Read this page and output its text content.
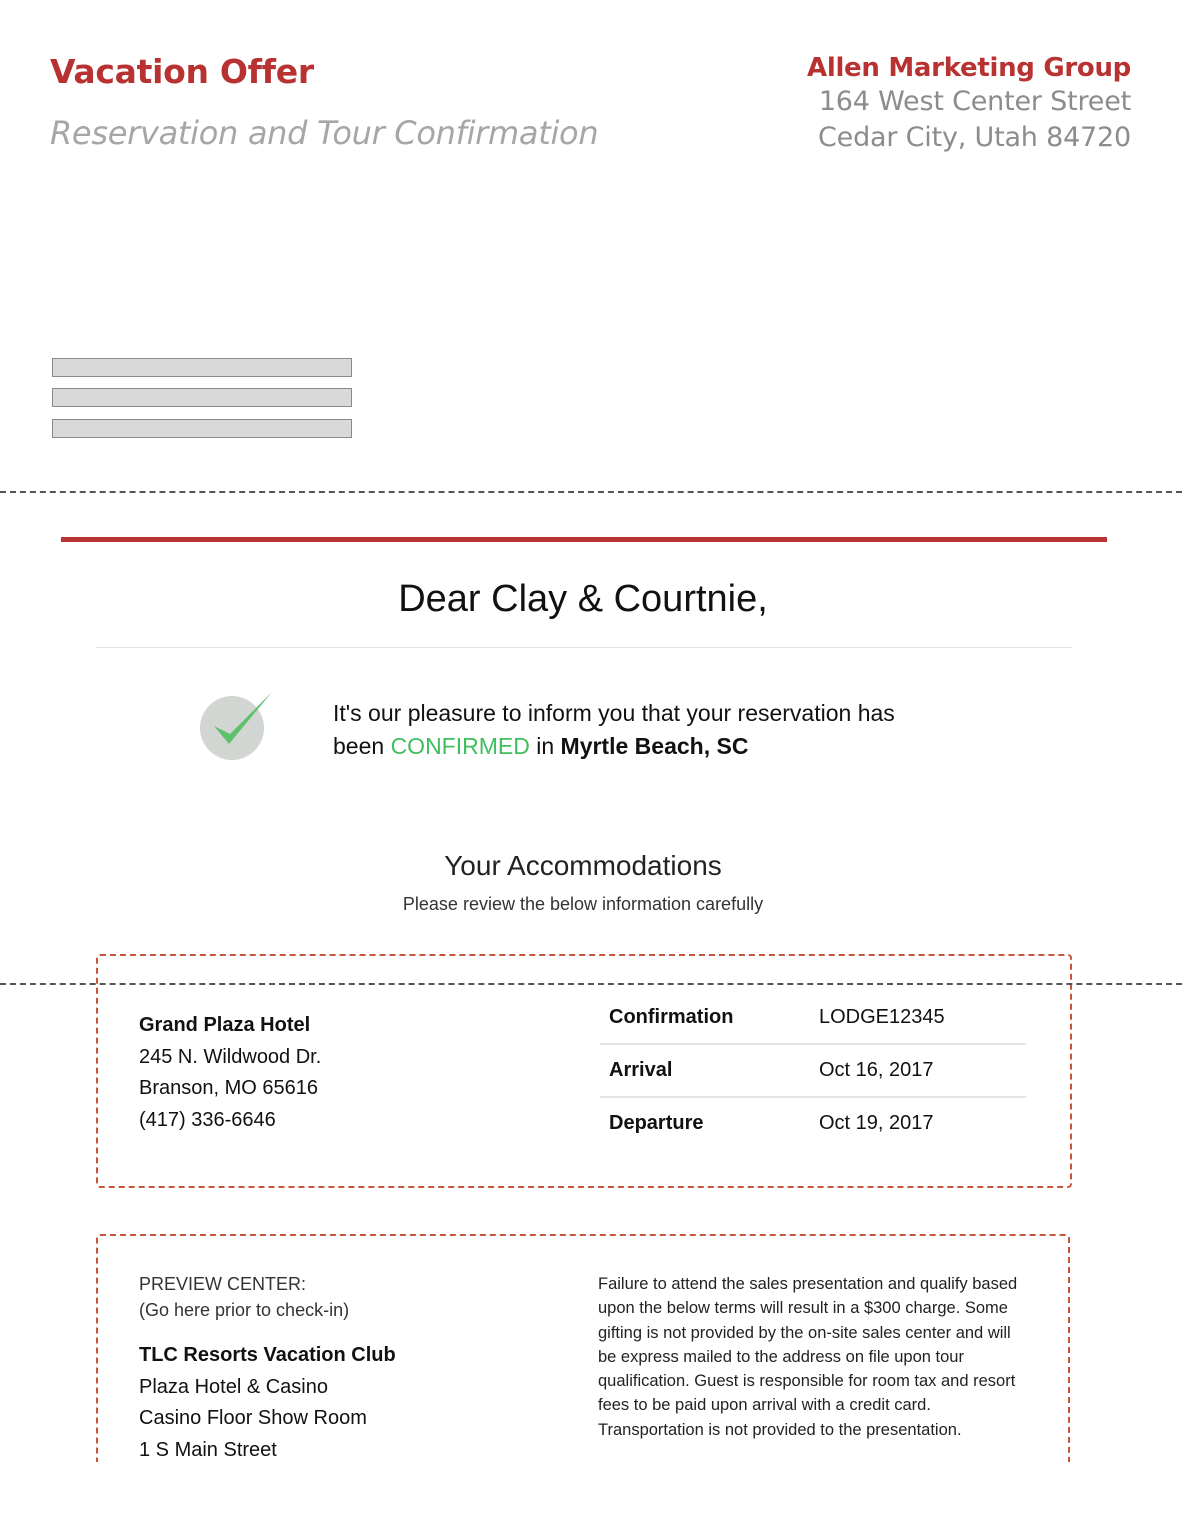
Vacation Offer
Reservation and Tour Confirmation
Allen Marketing Group
164 West Center Street
Cedar City, Utah 84720
Dear Clay & Courtnie,
It's our pleasure to inform you that your reservation has
been CONFIRMED in Myrtle Beach, SC
Your Accommodations
Please review the below information carefully
Grand Plaza Hotel
245 N. Wildwood Dr.
Branson, MO 65616
(417) 336-6646
Confirmation	LODGE12345
Arrival	Oct 16, 2017
Departure	Oct 19, 2017
PREVIEW CENTER:
(Go here prior to check-in)
TLC Resorts Vacation Club
Plaza Hotel & Casino
Casino Floor Show Room
1 S Main Street
Failure to attend the sales presentation and qualify based upon the below terms will result in a $300 charge. Some gifting is not provided by the on-site sales center and will be express mailed to the address on file upon tour qualification. Guest is responsible for room tax and resort fees to be paid upon arrival with a credit card. Transportation is not provided to the presentation.
